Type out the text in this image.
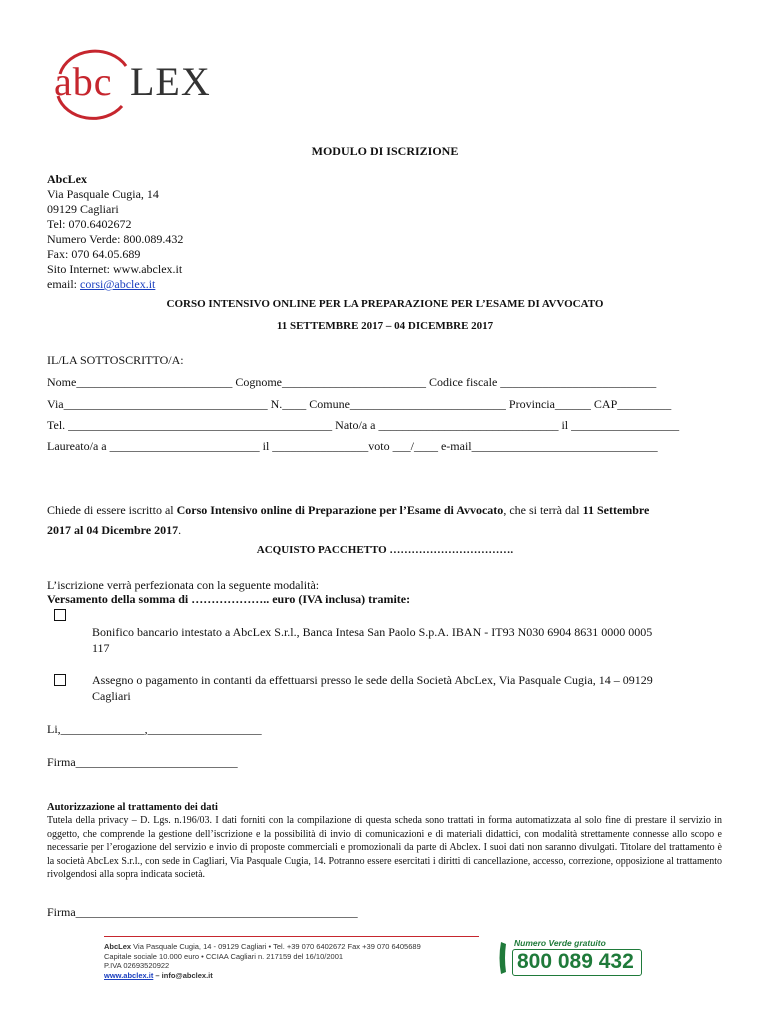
abc LEX
MODULO DI ISCRIZIONE
AbcLex
Via Pasquale Cugia, 14
09129 Cagliari
Tel: 070.6402672
Numero Verde: 800.089.432
Fax: 070 64.05.689
Sito Internet: www.abclex.it
email: corsi@abclex.it
CORSO INTENSIVO ONLINE PER LA PREPARAZIONE PER L’ESAME DI AVVOCATO
11 SETTEMBRE 2017 – 04 DICEMBRE 2017
IL/LA SOTTOSCRITTO/A:
Nome__________________________ Cognome________________________ Codice fiscale __________________________
Via__________________________________ N.____ Comune__________________________ Provincia______ CAP_________
Tel. ____________________________________________ Nato/a a ______________________________ il __________________
Laureato/a a _________________________ il ________________voto ___/____ e-mail_______________________________
Chiede di essere iscritto al Corso Intensivo online di Preparazione per l’Esame di Avvocato, che si terrà dal 11 Settembre
2017 al 04 Dicembre 2017.
ACQUISTO PACCHETTO …………………………….
L’iscrizione verrà perfezionata con la seguente modalità:
Versamento della somma di ……………….. euro (IVA inclusa) tramite:
Bonifico bancario intestato a AbcLex S.r.l., Banca Intesa San Paolo S.p.A. IBAN - IT93 N030 6904 8631 0000 0005
117
Assegno o pagamento in contanti da effettuarsi presso le sede della Società AbcLex, Via Pasquale Cugia, 14 – 09129
Cagliari
Li,______________,___________________
Firma___________________________
Autorizzazione al trattamento dei dati
Tutela della privacy – D. Lgs. n.196/03. I dati forniti con la compilazione di questa scheda sono trattati in forma automatizzata al solo fine di prestare il servizio in oggetto, che comprende la gestione dell’iscrizione e la possibilità di invio di comunicazioni e di materiali didattici, con modalità strettamente connesse allo scopo e necessarie per l’erogazione del servizio e invio di proposte commerciali e promozionali da parte di Abclex. I suoi dati non saranno divulgati. Titolare del trattamento è la società AbcLex S.r.l., con sede in Cagliari, Via Pasquale Cugia, 14. Potranno essere esercitati i diritti di cancellazione, accesso, correzione, opposizione al trattamento rivolgendosi alla sopra indicata società.
Firma_______________________________________________
AbcLex Via Pasquale Cugia, 14 - 09129 Cagliari • Tel. +39 070 6402672 Fax +39 070 6405689
Capitale sociale 10.000 euro • CCIAA Cagliari n. 217159 del 16/10/2001
P.IVA 02693520922
www.abclex.it – info@abclex.it
Numero Verde gratuito
800 089 432
